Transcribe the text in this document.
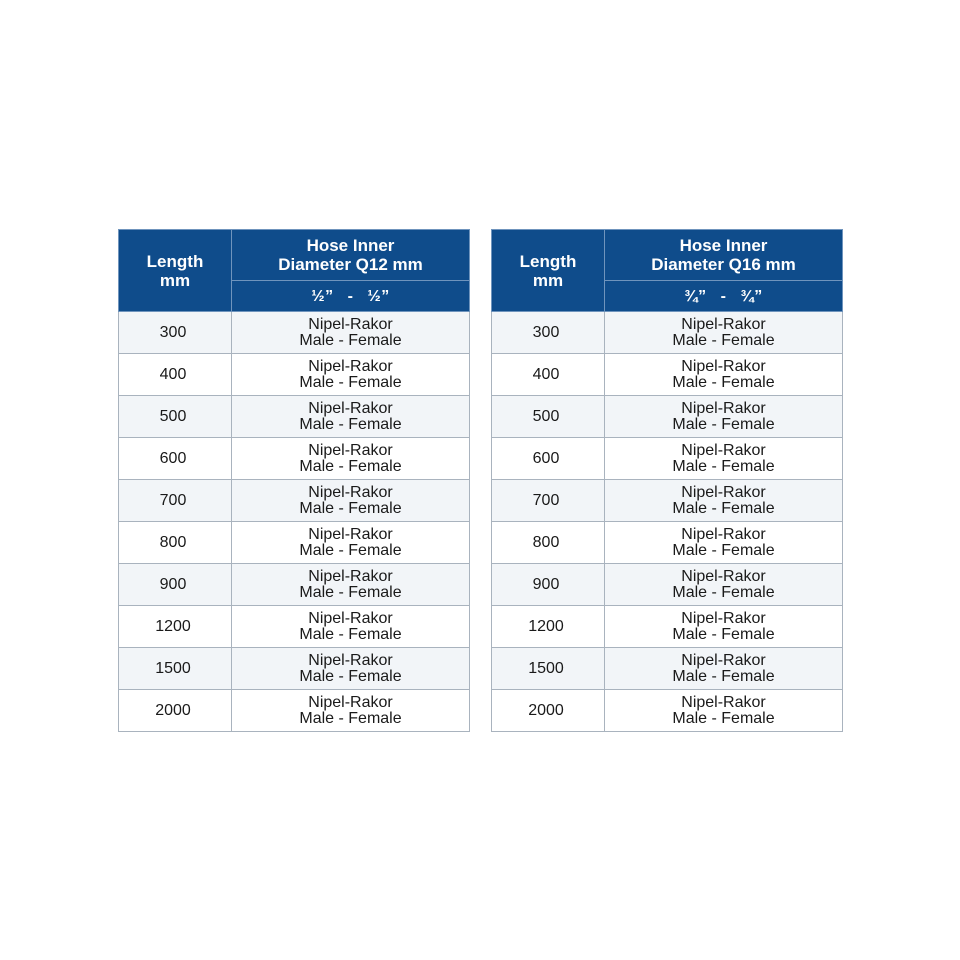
Length
mm	Hose Inner
Diameter Q12 mm

	½” - ½”
300	Nipel-Rakor
Male - Female

400	Nipel-Rakor
Male - Female

500	Nipel-Rakor
Male - Female

600	Nipel-Rakor
Male - Female

700	Nipel-Rakor
Male - Female

800	Nipel-Rakor
Male - Female

900	Nipel-Rakor
Male - Female

1200	Nipel-Rakor
Male - Female

1500	Nipel-Rakor
Male - Female

2000	Nipel-Rakor
Male - Female
Length
mm	Hose Inner
Diameter Q16 mm

	¾” - ¾”
300	Nipel-Rakor
Male - Female

400	Nipel-Rakor
Male - Female

500	Nipel-Rakor
Male - Female

600	Nipel-Rakor
Male - Female

700	Nipel-Rakor
Male - Female

800	Nipel-Rakor
Male - Female

900	Nipel-Rakor
Male - Female

1200	Nipel-Rakor
Male - Female

1500	Nipel-Rakor
Male - Female

2000	Nipel-Rakor
Male - Female
